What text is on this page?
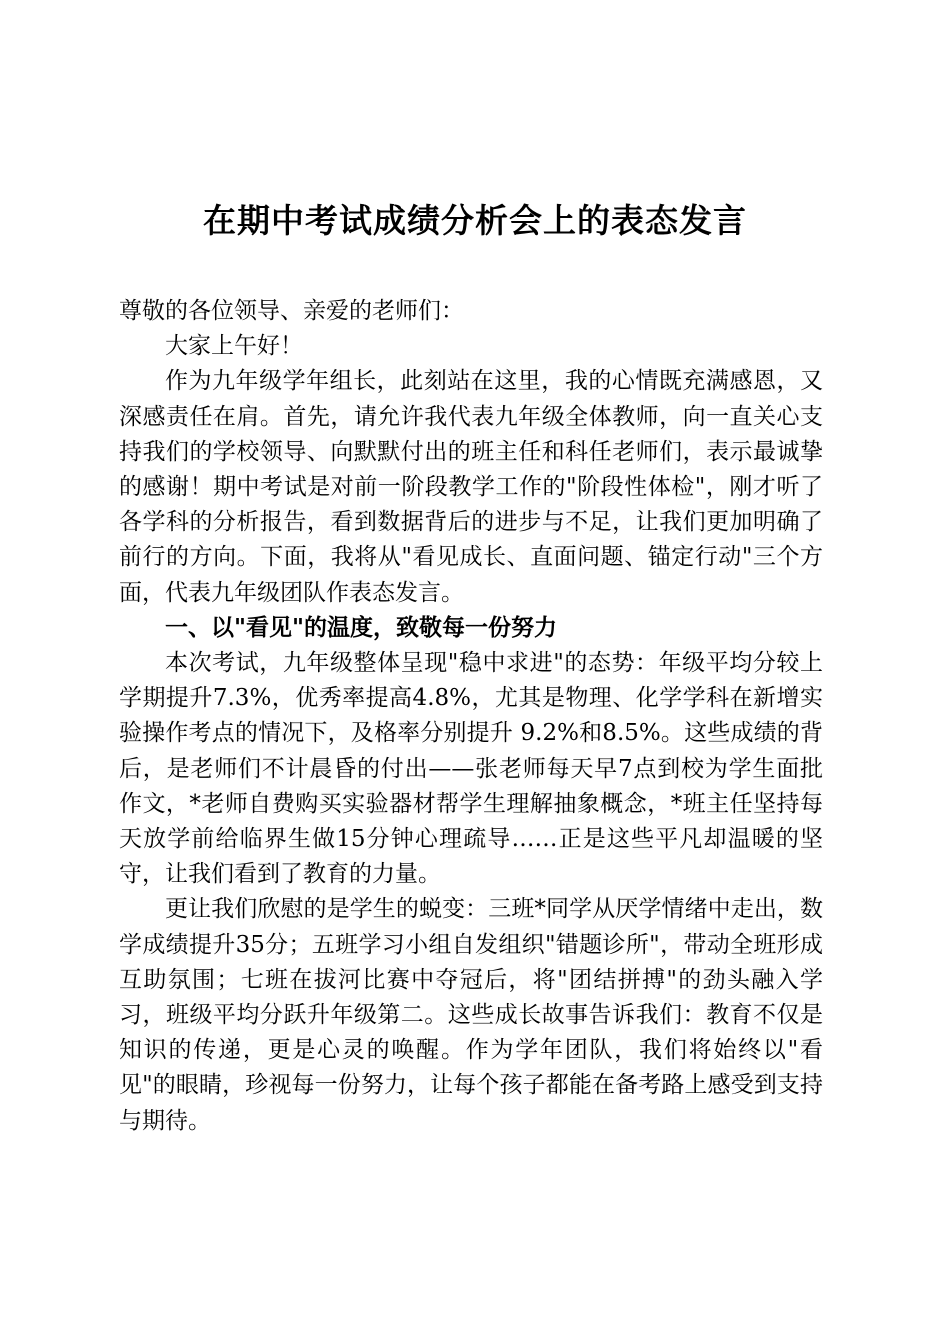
在期中考试成绩分析会上的表态发言

尊敬的各位领导、亲爱的老师们：

大家上午好！

作为九年级学年组长，此刻站在这里，我的心情既充满感恩，又深感责任在肩。首先，请允许我代表九年级全体教师，向一直关心支持我们的学校领导、向默默付出的班主任和科任老师们，表示最诚挚的感谢！期中考试是对前一阶段教学工作的"阶段性体检"，刚才听了各学科的分析报告，看到数据背后的进步与不足，让我们更加明确了前行的方向。下面，我将从"看见成长、直面问题、锚定行动"三个方面，代表九年级团队作表态发言。

一、以"看见"的温度，致敬每一份努力

本次考试，九年级整体呈现"稳中求进"的态势：年级平均分较上学期提升7.3%，优秀率提高4.8%，尤其是物理、化学学科在新增实验操作考点的情况下，及格率分别提升 9.2%和8.5%。这些成绩的背后，是老师们不计晨昏的付出——张老师每天早7点到校为学生面批作文，*老师自费购买实验器材帮学生理解抽象概念，*班主任坚持每天放学前给临界生做15分钟心理疏导……正是这些平凡却温暖的坚守，让我们看到了教育的力量。

更让我们欣慰的是学生的蜕变：三班*同学从厌学情绪中走出，数学成绩提升35分；五班学习小组自发组织"错题诊所"，带动全班形成互助氛围；七班在拔河比赛中夺冠后，将"团结拼搏"的劲头融入学习，班级平均分跃升年级第二。这些成长故事告诉我们：教育不仅是知识的传递，更是心灵的唤醒。作为学年团队，我们将始终以"看见"的眼睛，珍视每一份努力，让每个孩子都能在备考路上感受到支持与期待。
